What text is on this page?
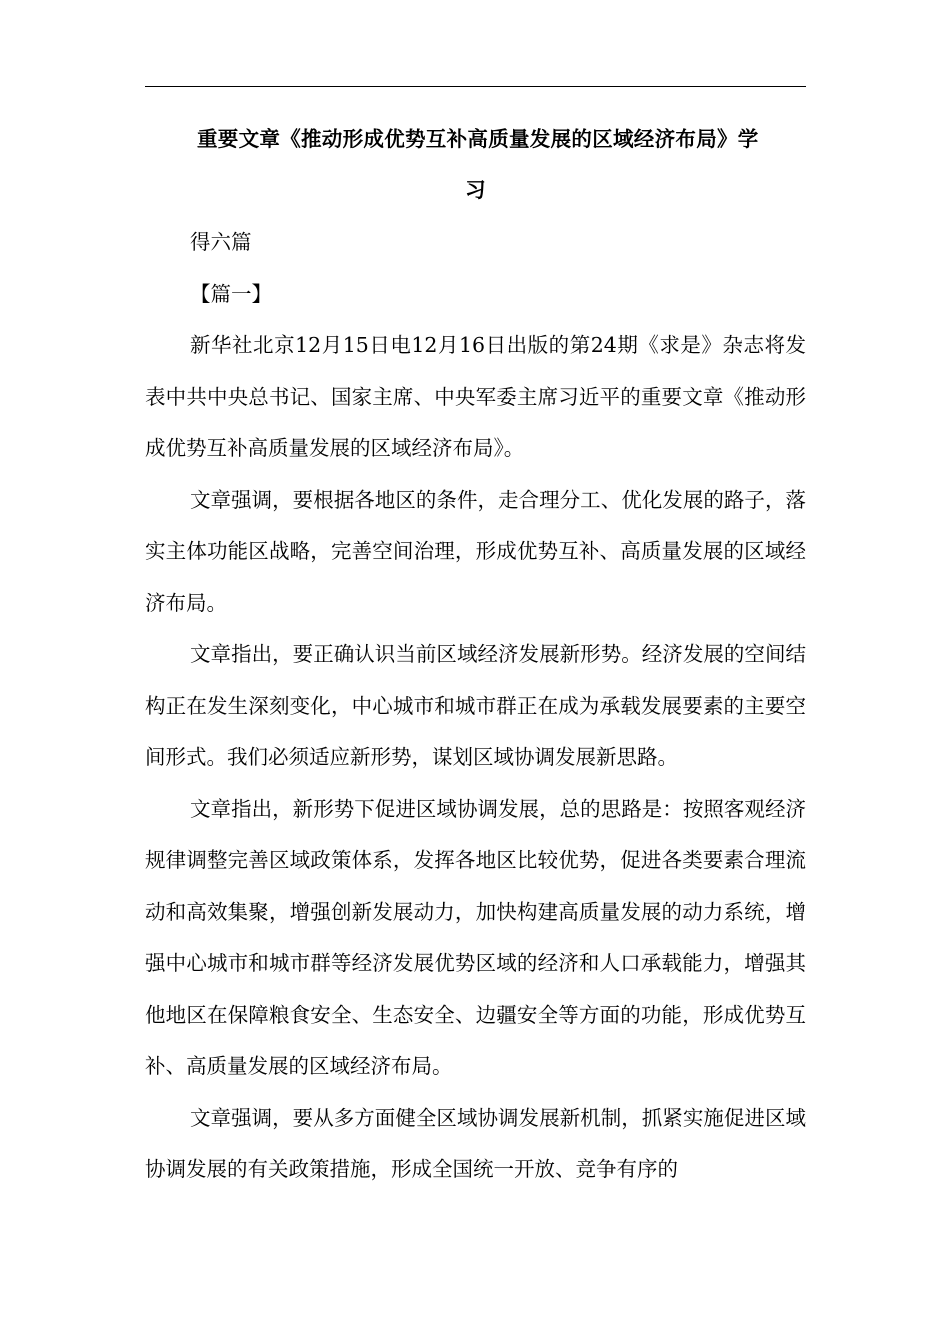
重要文章《推动形成优势互补高质量发展的区域经济布局》学
习

得六篇

【篇一】

新华社北京12月15日电12月16日出版的第24期《求是》杂志将发表中共中央总书记、国家主席、中央军委主席习近平的重要文章《推动形成优势互补高质量发展的区域经济布局》。

文章强调，要根据各地区的条件，走合理分工、优化发展的路子，落实主体功能区战略，完善空间治理，形成优势互补、高质量发展的区域经济布局。

文章指出，要正确认识当前区域经济发展新形势。经济发展的空间结构正在发生深刻变化，中心城市和城市群正在成为承载发展要素的主要空间形式。我们必须适应新形势，谋划区域协调发展新思路。

文章指出，新形势下促进区域协调发展，总的思路是：按照客观经济规律调整完善区域政策体系，发挥各地区比较优势，促进各类要素合理流动和高效集聚，增强创新发展动力，加快构建高质量发展的动力系统，增强中心城市和城市群等经济发展优势区域的经济和人口承载能力，增强其他地区在保障粮食安全、生态安全、边疆安全等方面的功能，形成优势互补、高质量发展的区域经济布局。

文章强调，要从多方面健全区域协调发展新机制，抓紧实施促进区域协调发展的有关政策措施，形成全国统一开放、竞争有序的
